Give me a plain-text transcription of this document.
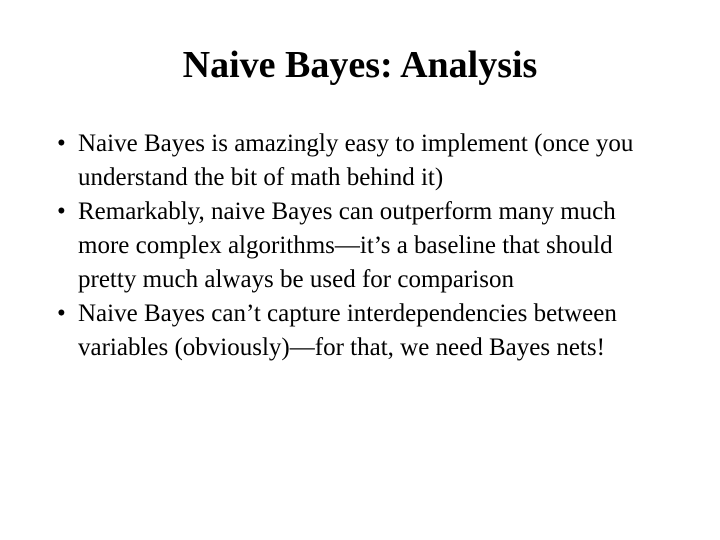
Naive Bayes: Analysis
• Naive Bayes is amazingly easy to implement (once you understand the bit of math behind it)
• Remarkably, naive Bayes can outperform many much more complex algorithms—it’s a baseline that should pretty much always be used for comparison
• Naive Bayes can’t capture interdependencies between variables (obviously)—for that, we need Bayes nets!
